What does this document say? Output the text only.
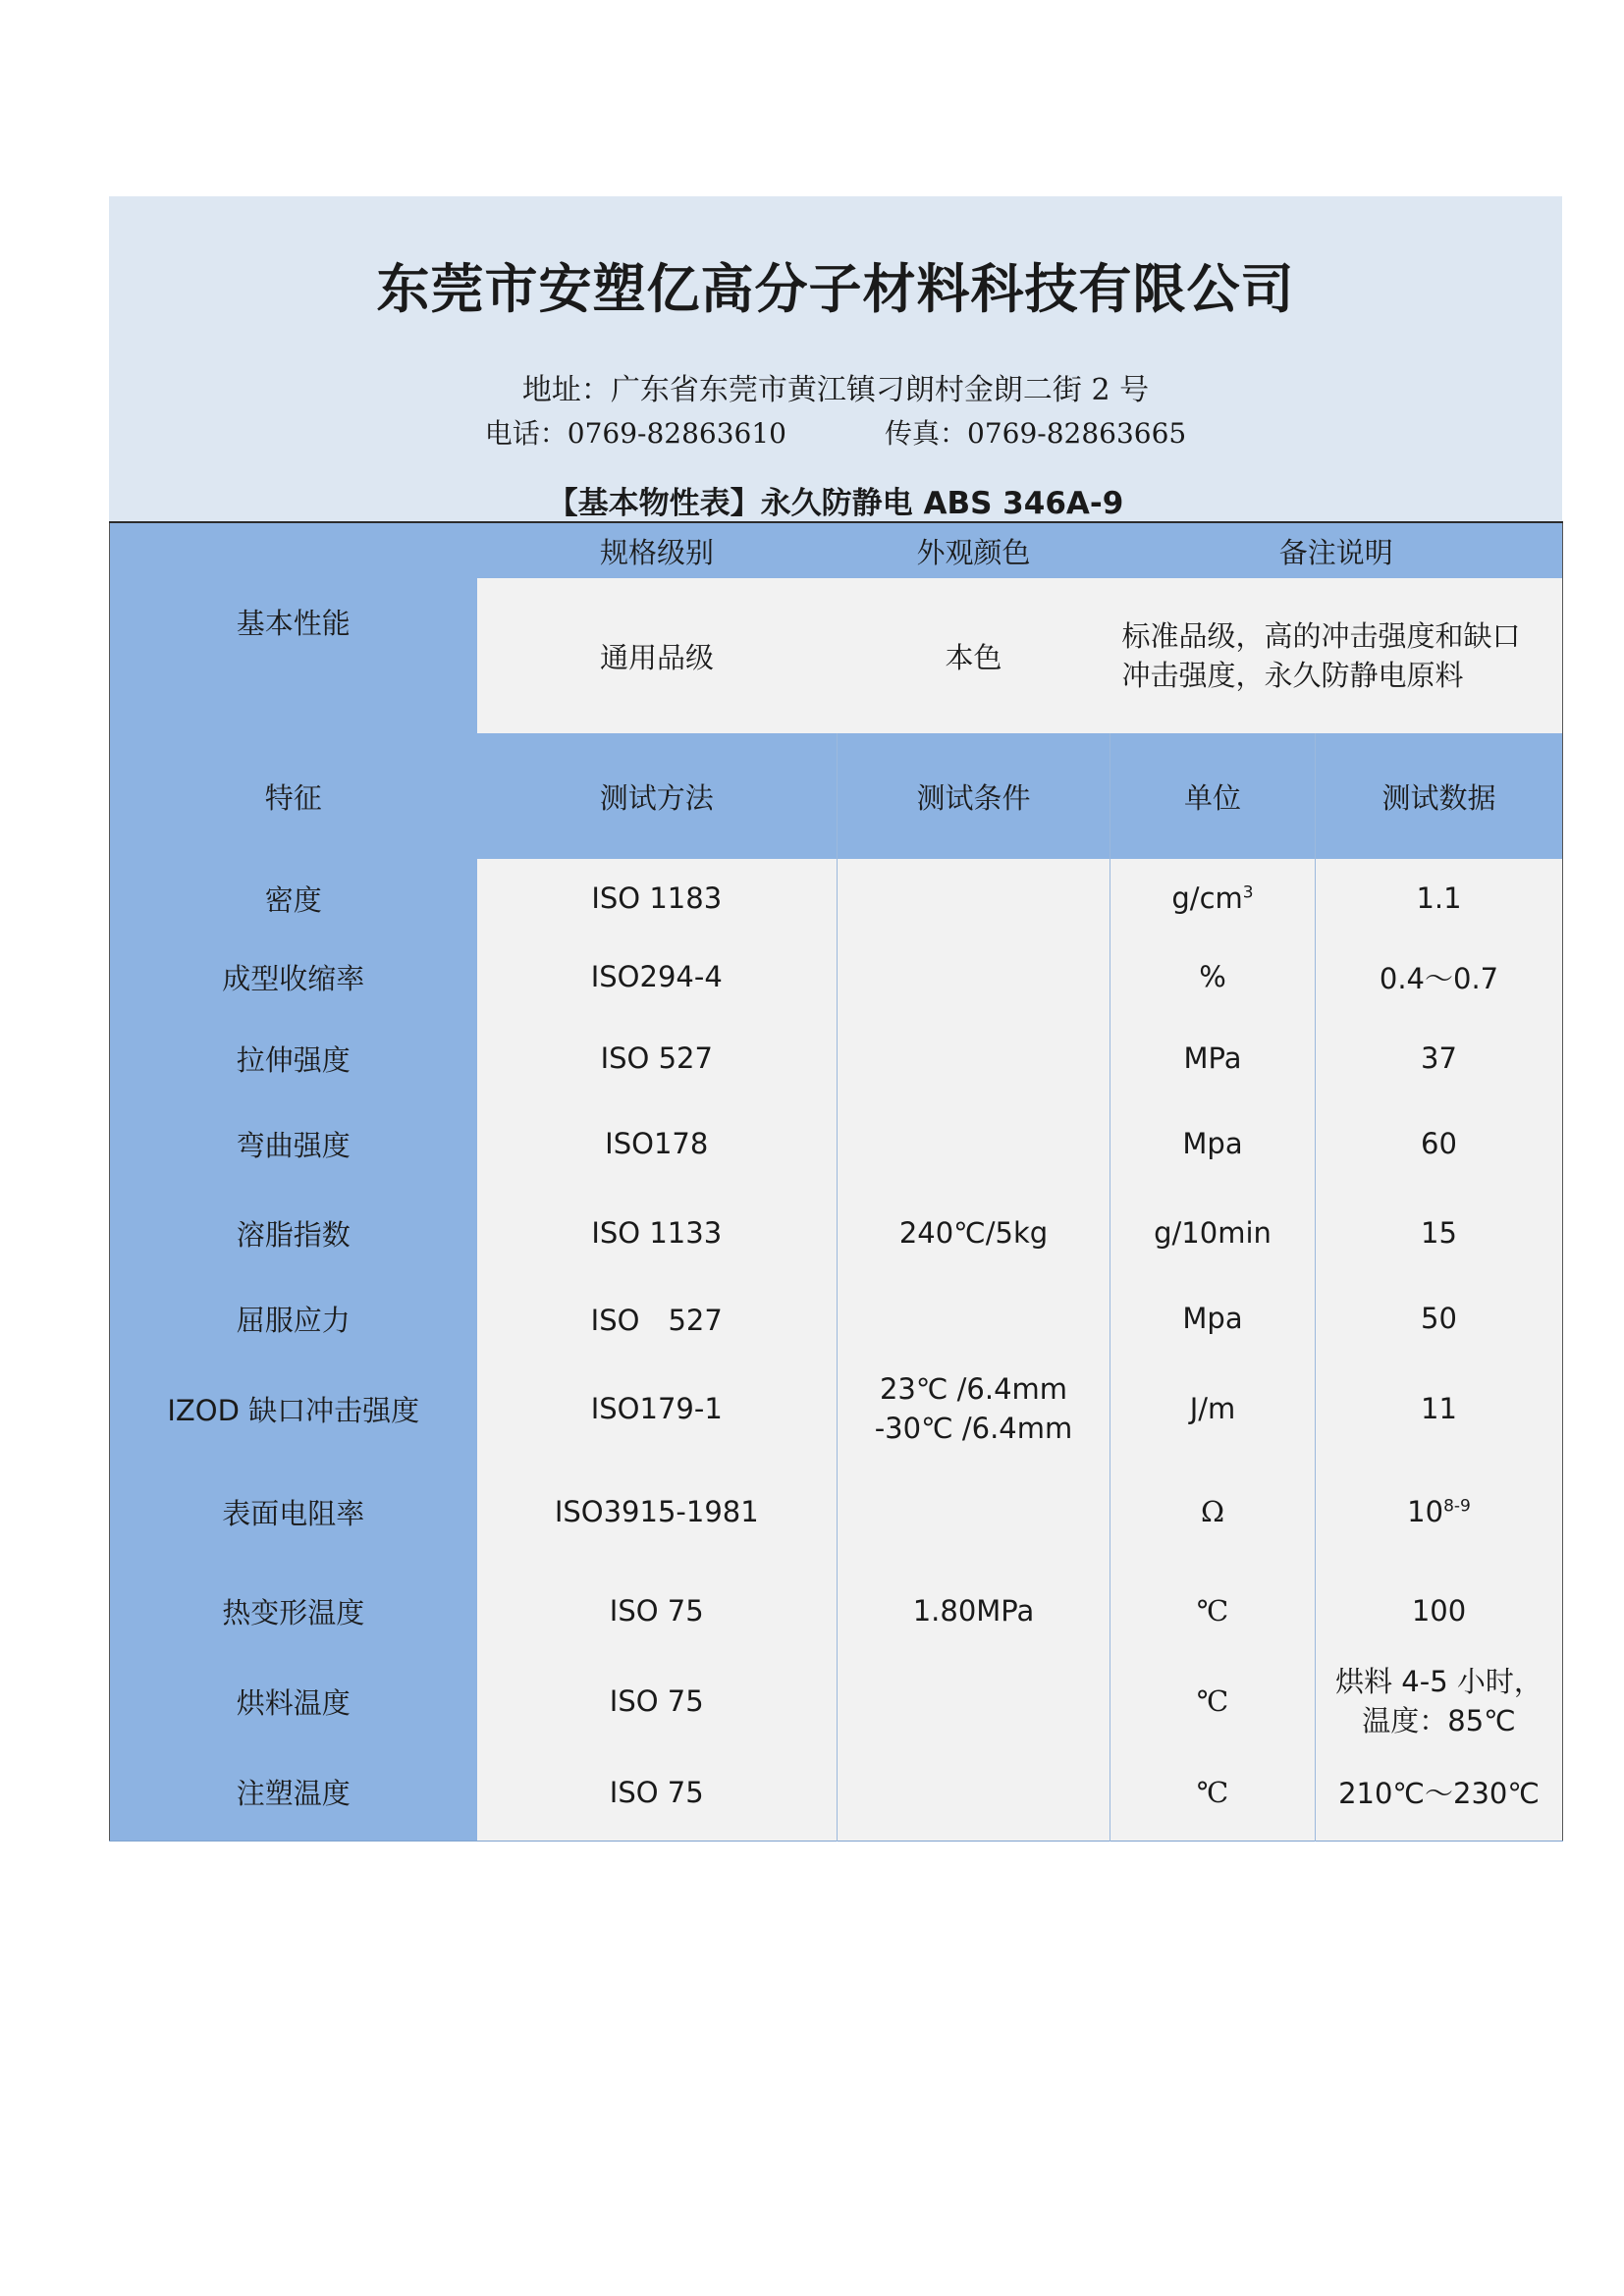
东莞市安塑亿高分子材料科技有限公司
地址：广东省东莞市黄江镇刁朗村金朗二街 2 号
电话：0769-82863610	传真：0769-82863665
【基本物性表】永久防静电 ABS 346A-9
基本性能	规格级别	外观颜色	备注说明	
	通用品级	本色	标准品级，高的冲击强度和缺口
冲击强度，永久防静电原料	

特征	测试方法	测试条件	单位	测试数据
密度	ISO 1183		$g/cm^3$	1.1
成型收缩率	ISO294-4		%	0.4～0.7
拉伸强度	ISO 527		MPa	37
弯曲强度	ISO178		Mpa	60
溶脂指数	ISO 1133	240℃/5kg	g/10min	15
屈服应力	ISO　527		Mpa	50
IZOD 缺口冲击强度	ISO179-1	23℃ /6.4mm
-30℃ /6.4mm	J/m	11
表面电阻率	ISO3915-1981		Ω	10$^{8-9}$
热变形温度	ISO 75	1.80MPa	℃	100
烘料温度	ISO 75		℃	烘料 4-5 小时，
温度：85℃

注塑温度	ISO 75		℃	210℃～230℃
